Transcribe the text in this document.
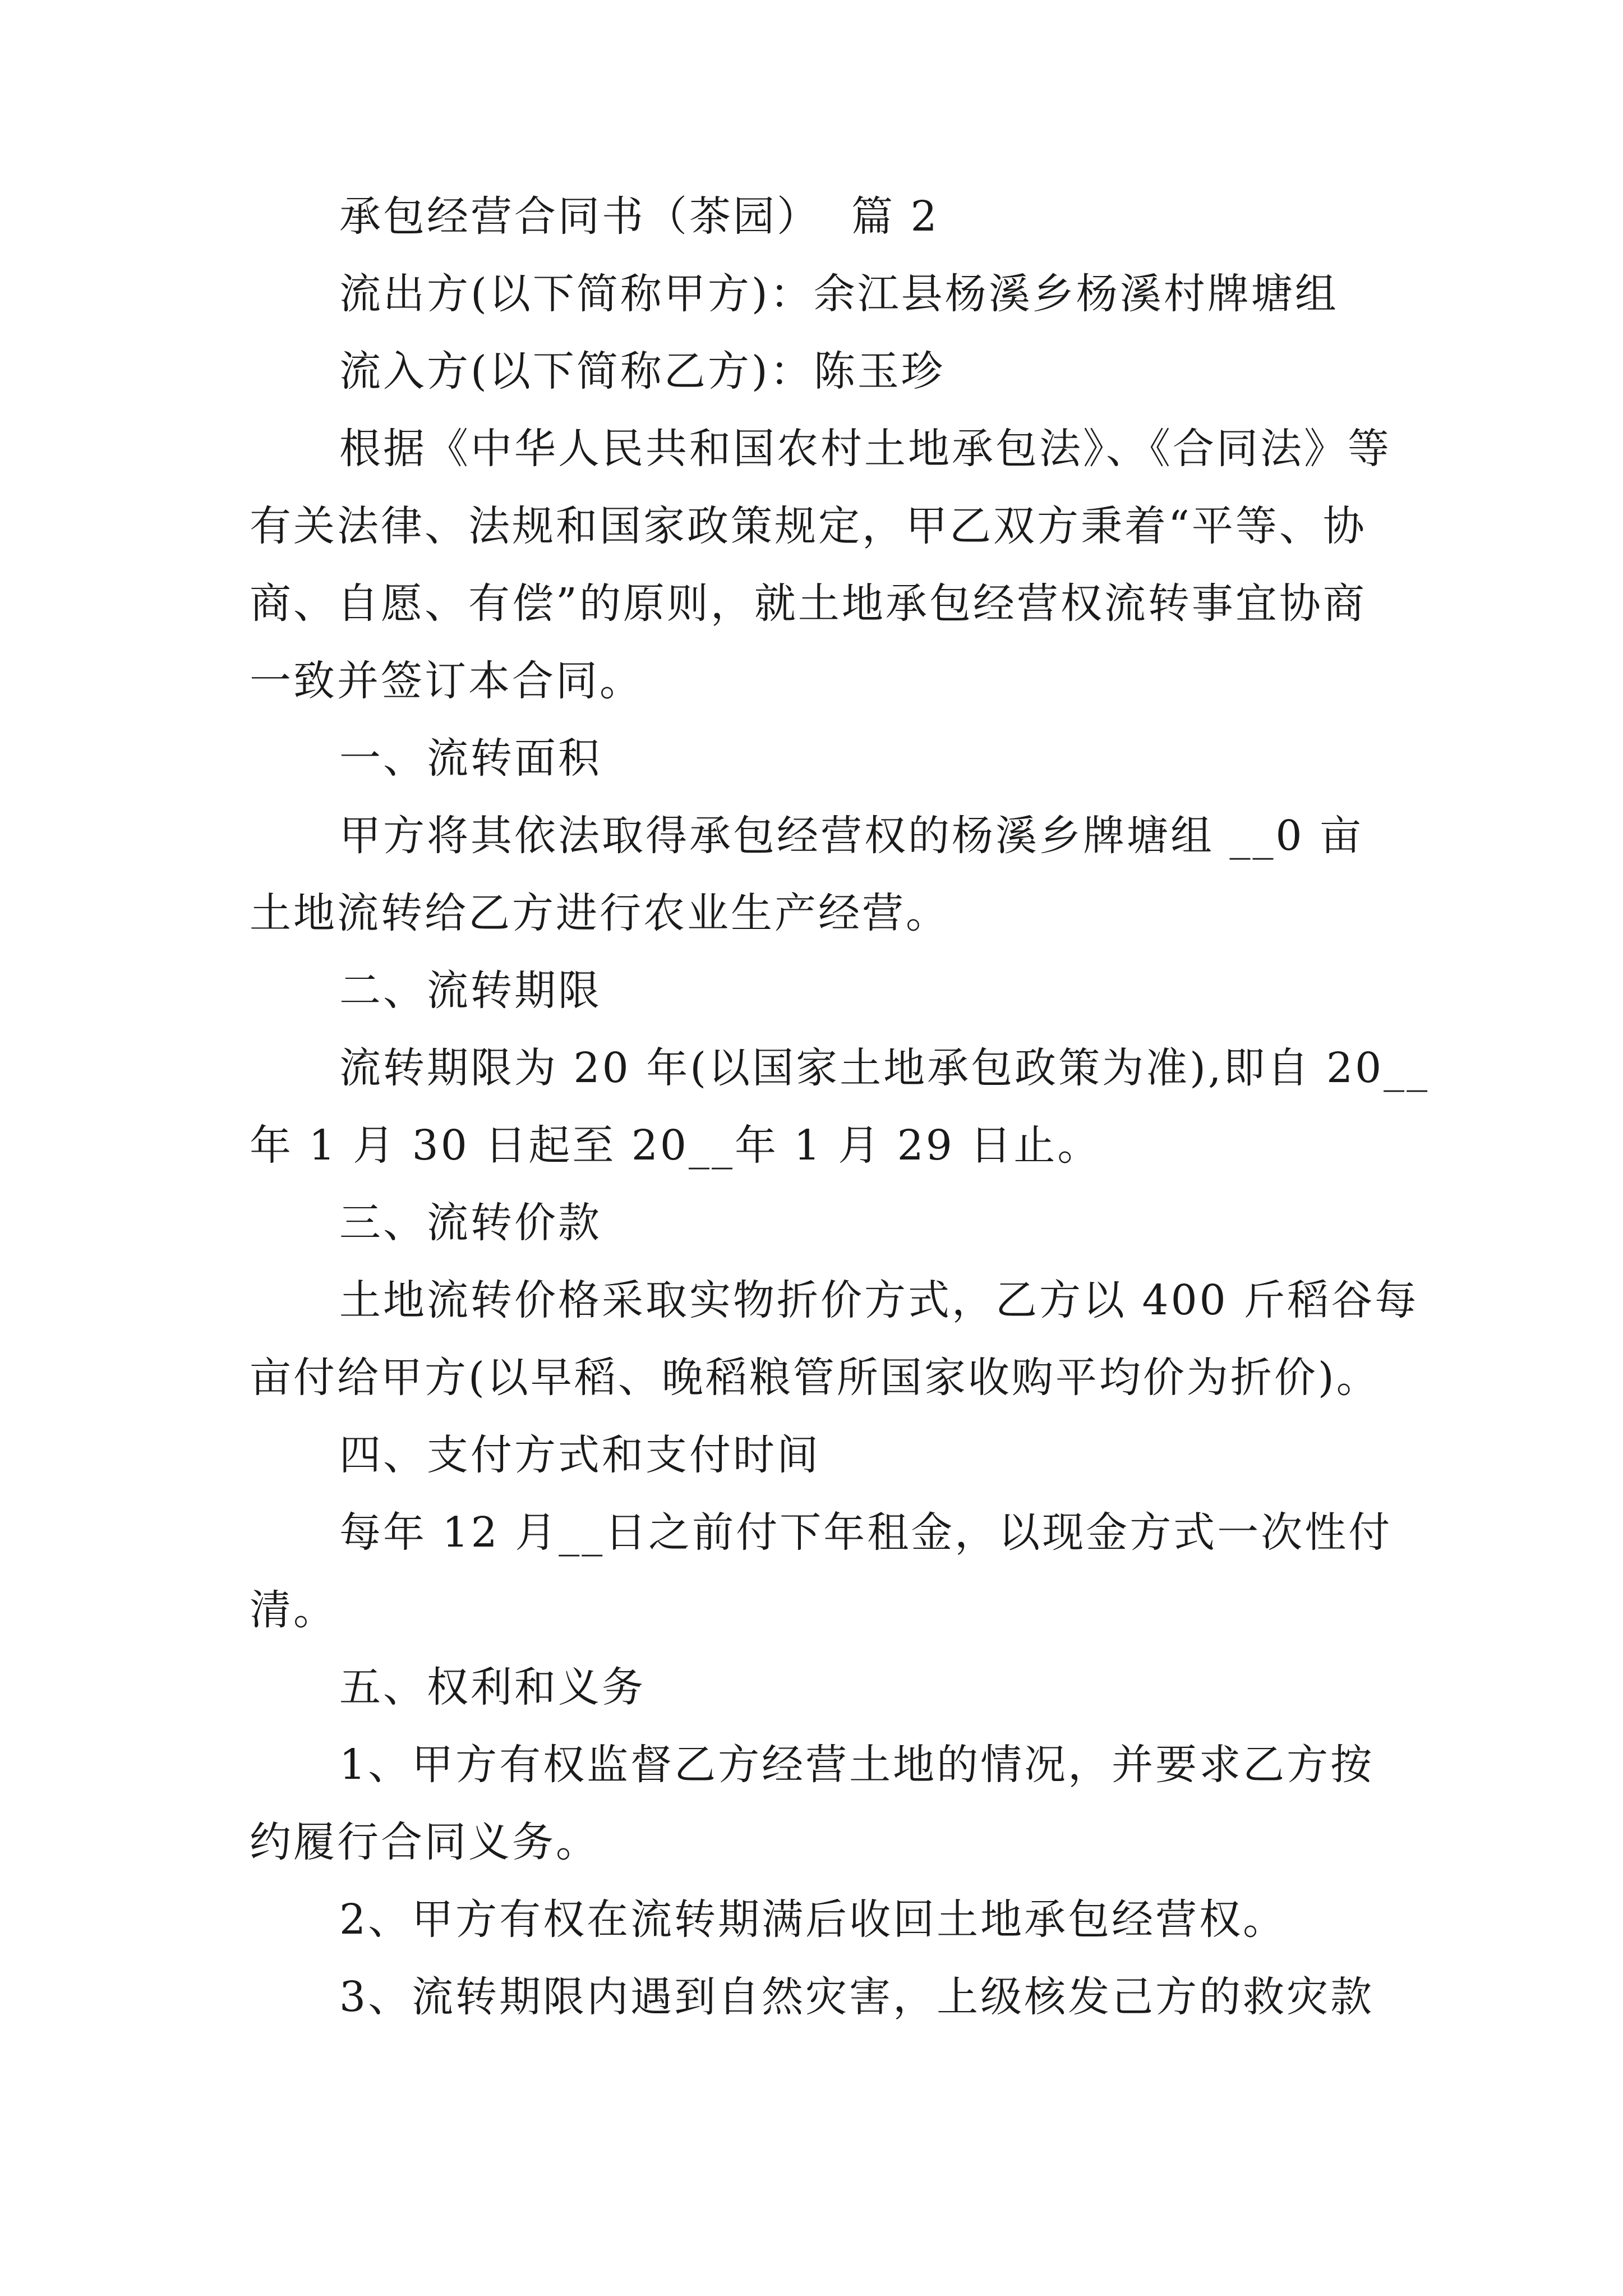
承包经营合同书（茶园）  篇 2
流出方(以下简称甲方)：余江县杨溪乡杨溪村牌塘组
流入方(以下简称乙方)：陈玉珍
根据《中华人民共和国农村土地承包法》、《合同法》等
有关法律、法规和国家政策规定，甲乙双方秉着“平等、协
商、自愿、有偿”的原则，就土地承包经营权流转事宜协商
一致并签订本合同。
一、流转面积
甲方将其依法取得承包经营权的杨溪乡牌塘组 __0 亩
土地流转给乙方进行农业生产经营。
二、流转期限
流转期限为 20 年(以国家土地承包政策为准),即自 20__
年 1 月 30 日起至 20__年 1 月 29 日止。
三、流转价款
土地流转价格采取实物折价方式，乙方以 400 斤稻谷每
亩付给甲方(以早稻、晚稻粮管所国家收购平均价为折价)。
四、支付方式和支付时间
每年 12 月__日之前付下年租金，以现金方式一次性付
清。
五、权利和义务
1、甲方有权监督乙方经营土地的情况，并要求乙方按
约履行合同义务。
2、甲方有权在流转期满后收回土地承包经营权。
3、流转期限内遇到自然灾害，上级核发己方的救灾款
